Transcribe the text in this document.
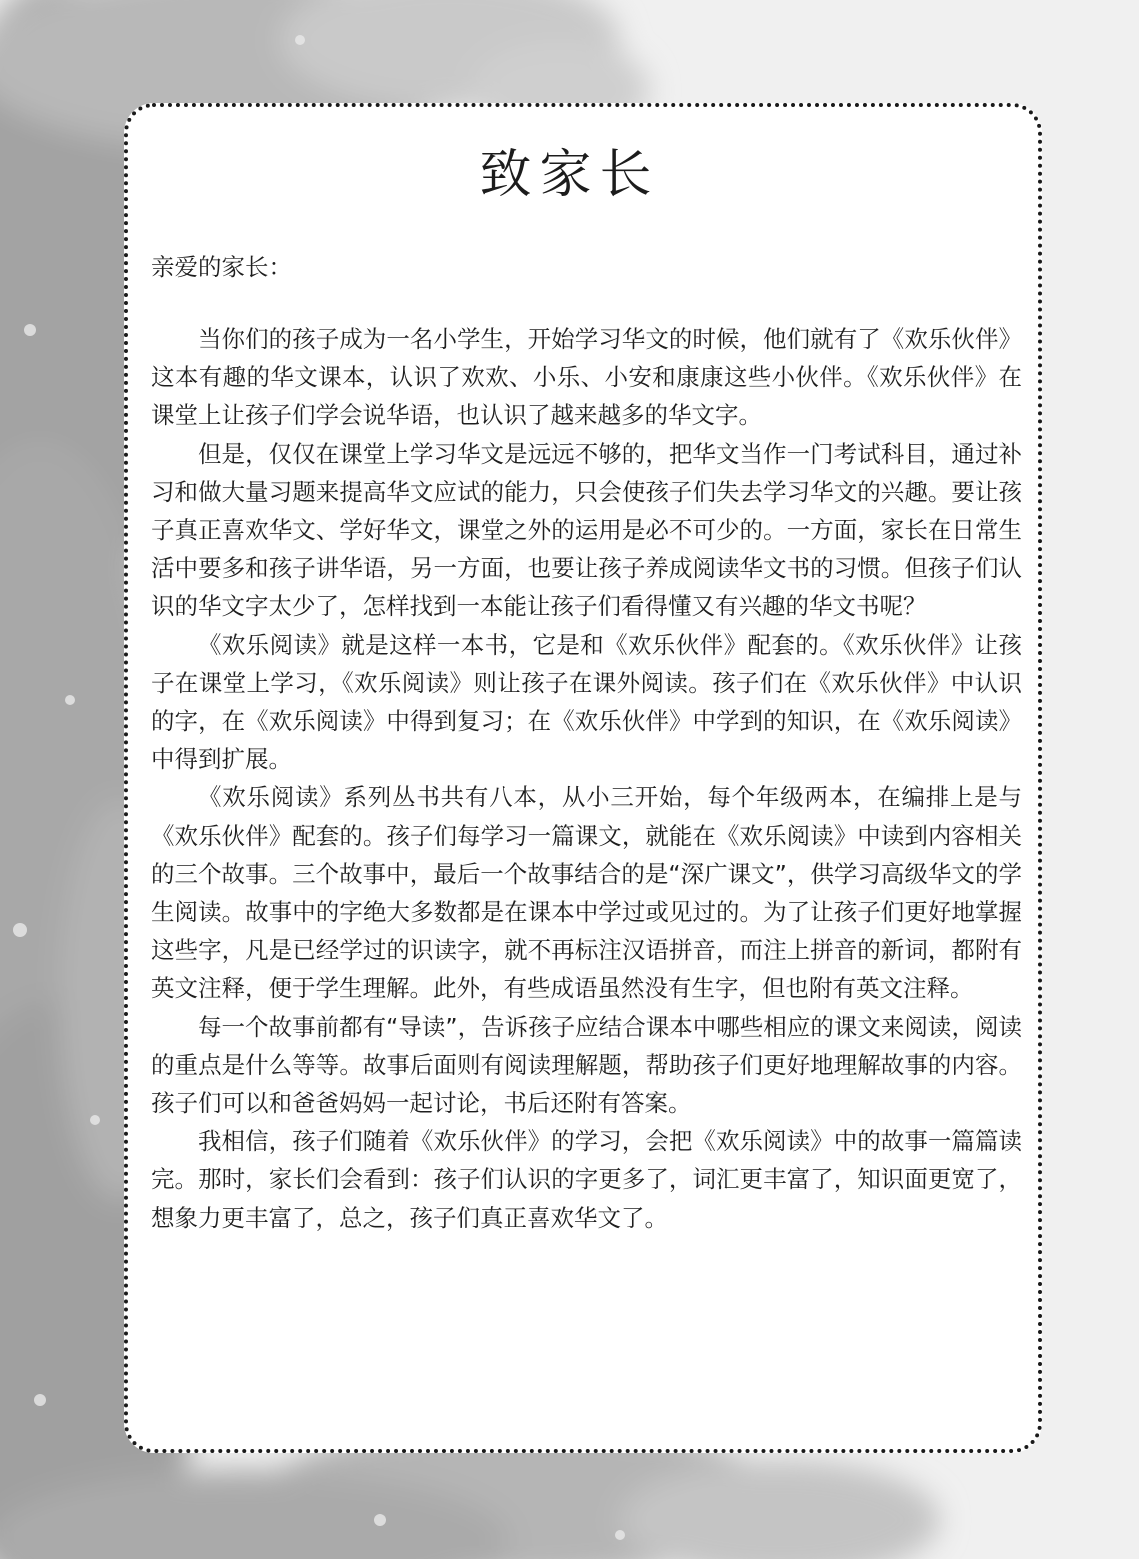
致家长
亲爱的家长：

当你们的孩子成为一名小学生，开始学习华文的时候，他们就有了《欢乐伙伴》这本有趣的华文课本，认识了欢欢、小乐、小安和康康这些小伙伴。《欢乐伙伴》在课堂上让孩子们学会说华语，也认识了越来越多的华文字。

但是，仅仅在课堂上学习华文是远远不够的，把华文当作一门考试科目，通过补习和做大量习题来提高华文应试的能力，只会使孩子们失去学习华文的兴趣。要让孩子真正喜欢华文、学好华文，课堂之外的运用是必不可少的。一方面，家长在日常生活中要多和孩子讲华语，另一方面，也要让孩子养成阅读华文书的习惯。但孩子们认识的华文字太少了，怎样找到一本能让孩子们看得懂又有兴趣的华文书呢？

《欢乐阅读》就是这样一本书，它是和《欢乐伙伴》配套的。《欢乐伙伴》让孩子在课堂上学习，《欢乐阅读》则让孩子在课外阅读。孩子们在《欢乐伙伴》中认识的字，在《欢乐阅读》中得到复习；在《欢乐伙伴》中学到的知识，在《欢乐阅读》中得到扩展。

《欢乐阅读》系列丛书共有八本，从小三开始，每个年级两本，在编排上是与《欢乐伙伴》配套的。孩子们每学习一篇课文，就能在《欢乐阅读》中读到内容相关的三个故事。三个故事中，最后一个故事结合的是“深广课文”，供学习高级华文的学生阅读。故事中的字绝大多数都是在课本中学过或见过的。为了让孩子们更好地掌握这些字，凡是已经学过的识读字，就不再标注汉语拼音，而注上拼音的新词，都附有英文注释，便于学生理解。此外，有些成语虽然没有生字，但也附有英文注释。

每一个故事前都有“导读”，告诉孩子应结合课本中哪些相应的课文来阅读，阅读的重点是什么等等。故事后面则有阅读理解题，帮助孩子们更好地理解故事的内容。孩子们可以和爸爸妈妈一起讨论，书后还附有答案。

我相信，孩子们随着《欢乐伙伴》的学习，会把《欢乐阅读》中的故事一篇篇读完。那时，家长们会看到：孩子们认识的字更多了，词汇更丰富了，知识面更宽了，想象力更丰富了，总之，孩子们真正喜欢华文了。
